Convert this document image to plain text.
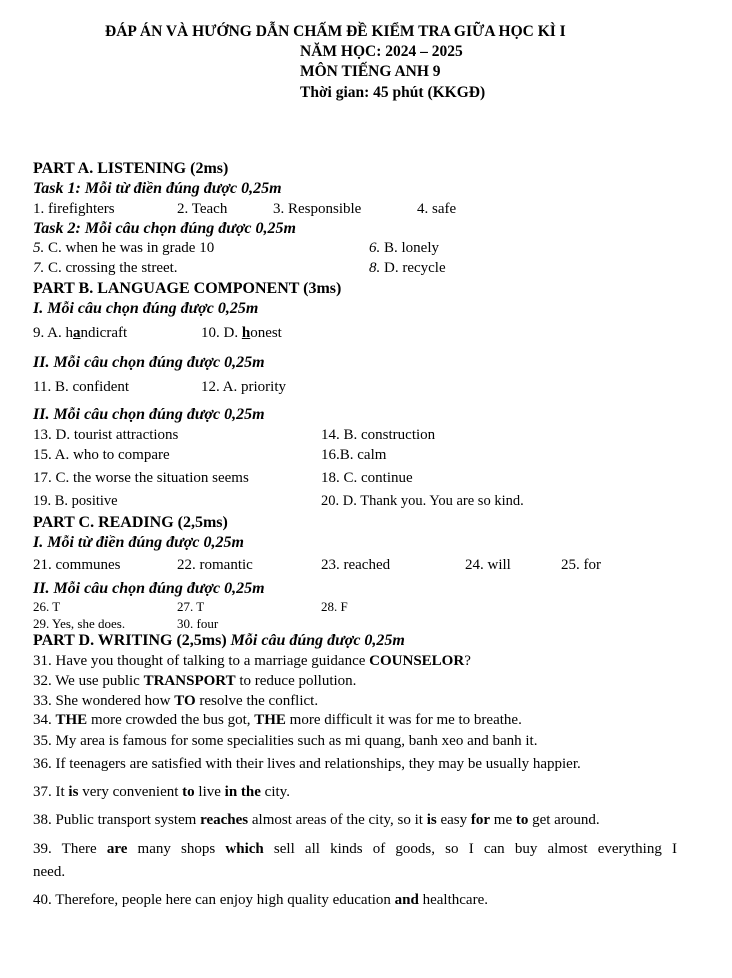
ĐÁP ÁN VÀ HƯỚNG DẪN CHẤM ĐỀ KIỂM TRA GIỮA HỌC KÌ I
NĂM HỌC: 2024 – 2025
MÔN TIẾNG ANH 9
Thời gian: 45 phút (KKGĐ)
PART A. LISTENING (2ms)
Task 1: Mỗi từ điền đúng được 0,25m
1. firefighters	2. Teach	3. Responsible	4. safe
Task 2: Mỗi câu chọn đúng được 0,25m
5. C. when he was in grade 10	6. B. lonely
7. C. crossing the street.	8. D. recycle
PART B. LANGUAGE COMPONENT (3ms)
I. Mỗi câu chọn đúng được 0,25m
9. A. handicraft	10. D. honest
II. Mỗi câu chọn đúng được 0,25m
11. B. confident	12. A. priority
II. Mỗi câu chọn đúng được 0,25m
13. D. tourist attractions	14. B. construction
15. A. who to compare	16.B. calm
17. C. the worse the situation seems	18. C. continue
19. B. positive	20. D. Thank you. You are so kind.
PART C. READING (2,5ms)
I. Mỗi từ điền đúng được 0,25m
21. communes	22. romantic	23. reached	24. will	25. for
II. Mỗi câu chọn đúng được 0,25m
26. T	27. T	28. F
29. Yes, she does.	30. four
PART D. WRITING (2,5ms) Mỗi câu đúng được 0,25m
31. Have you thought of talking to a marriage guidance COUNSELOR?
32. We use public TRANSPORT to reduce pollution.
33. She wondered how TO resolve the conflict.
34. THE more crowded the bus got, THE more difficult it was for me to breathe.
35. My area is famous for some specialities such as mi quang, banh xeo and banh it.
36. If teenagers are satisfied with their lives and relationships, they may be usually happier.
37. It is very convenient to live in the city.
38. Public transport system reaches almost areas of the city, so it is easy for me to get around.
39. There are many shops which sell all kinds of goods, so I can buy almost everything I
need.
40. Therefore, people here can enjoy high quality education and healthcare.
